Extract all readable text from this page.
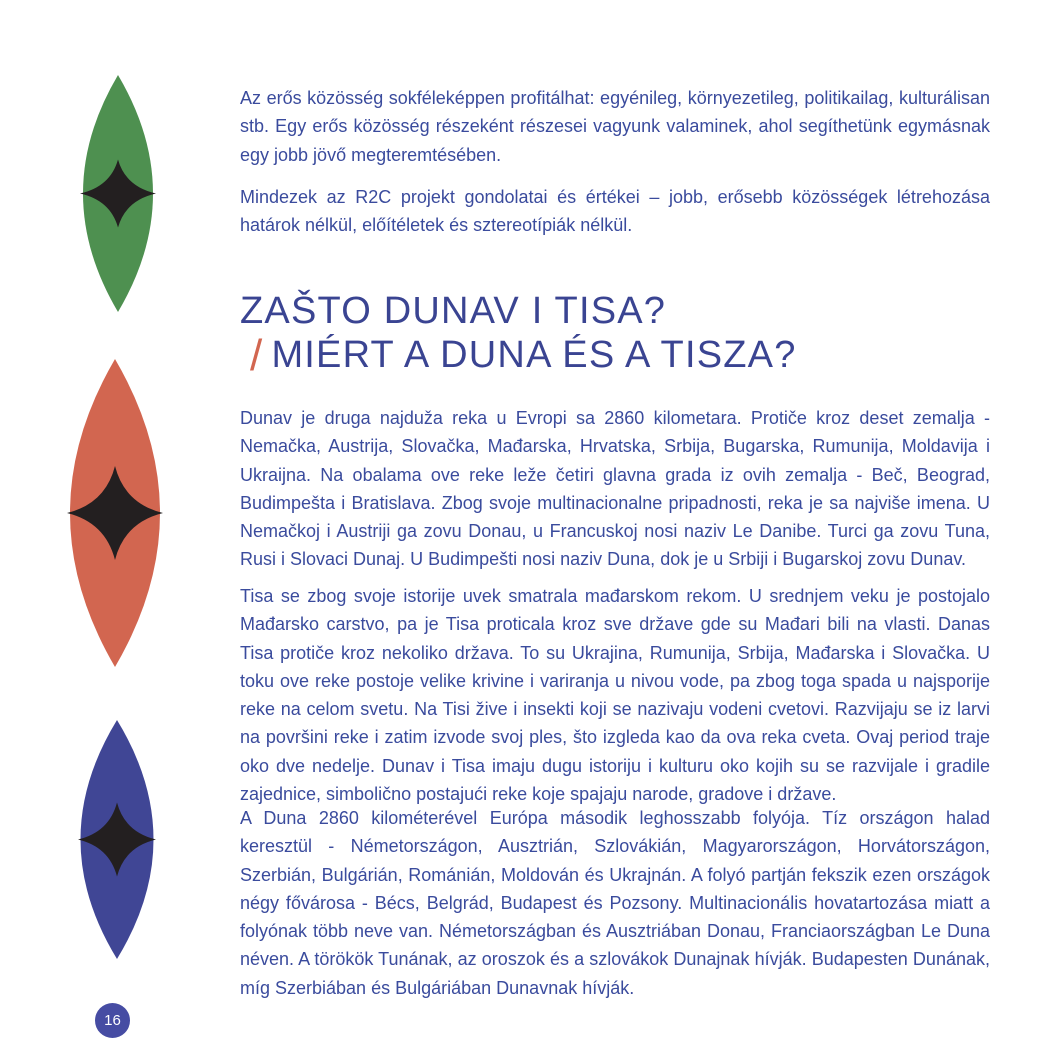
Az erős közösség sokféleképpen profitálhat: egyénileg, környezetileg, politikailag, kulturálisan stb. Egy erős közösség részeként részesei vagyunk valaminek, ahol segíthetünk egymásnak egy jobb jövő megteremtésében.

Mindezek az R2C projekt gondolatai és értékei – jobb, erősebb közösségek létrehozása határok nélkül, előítéletek és sztereotípiák nélkül.

ZAŠTO DUNAV I TISA?
/ MIÉRT A DUNA ÉS A TISZA?

Dunav je druga najduža reka u Evropi sa 2860 kilometara. Protiče kroz deset zemalja - Nemačka, Austrija, Slovačka, Mađarska, Hrvatska, Srbija, Bugarska, Rumunija, Moldavija i Ukraijna. Na obalama ove reke leže četiri glavna grada iz ovih zemalja - Beč, Beograd, Budimpešta i Bratislava. Zbog svoje multinacionalne pripadnosti, reka je sa najviše imena. U Nemačkoj i Austriji ga zovu Donau, u Francuskoj nosi naziv Le Danibe. Turci ga zovu Tuna, Rusi i Slovaci Dunaj. U Budimpešti nosi naziv Duna, dok je u Srbiji i Bugarskoj zovu Dunav.

Tisa se zbog svoje istorije uvek smatrala mađarskom rekom. U srednjem veku je postojalo Mađarsko carstvo, pa je Tisa proticala kroz sve države gde su Mađari bili na vlasti. Danas Tisa protiče kroz nekoliko država. To su Ukrajina, Rumunija, Srbija, Mađarska i Slovačka. U toku ove reke postoje velike krivine i variranja u nivou vode, pa zbog toga spada u najsporije reke na celom svetu. Na Tisi žive i insekti koji se nazivaju vodeni cvetovi. Razvijaju se iz larvi na površini reke i zatim izvode svoj ples, što izgleda kao da ova reka cveta. Ovaj period traje oko dve nedelje. Dunav i Tisa imaju dugu istoriju i kulturu oko kojih su se razvijale i gradile zajednice, simbolično postajući reke koje spajaju narode, gradove i države.

A Duna 2860 kilométerével Európa második leghosszabb folyója. Tíz országon halad keresztül - Németországon, Ausztrián, Szlovákián, Magyarországon, Horvátországon, Szerbián, Bulgárián, Románián, Moldován és Ukrajnán. A folyó partján fekszik ezen országok négy fővárosa - Bécs, Belgrád, Budapest és Pozsony. Multinacionális hovatartozása miatt a folyónak több neve van. Németországban és Ausztriában Donau, Franciaországban Le Duna néven. A törökök Tunának, az oroszok és a szlovákok Dunajnak hívják. Budapesten Dunának, míg Szerbiában és Bulgáriában Dunavnak hívják.

16
